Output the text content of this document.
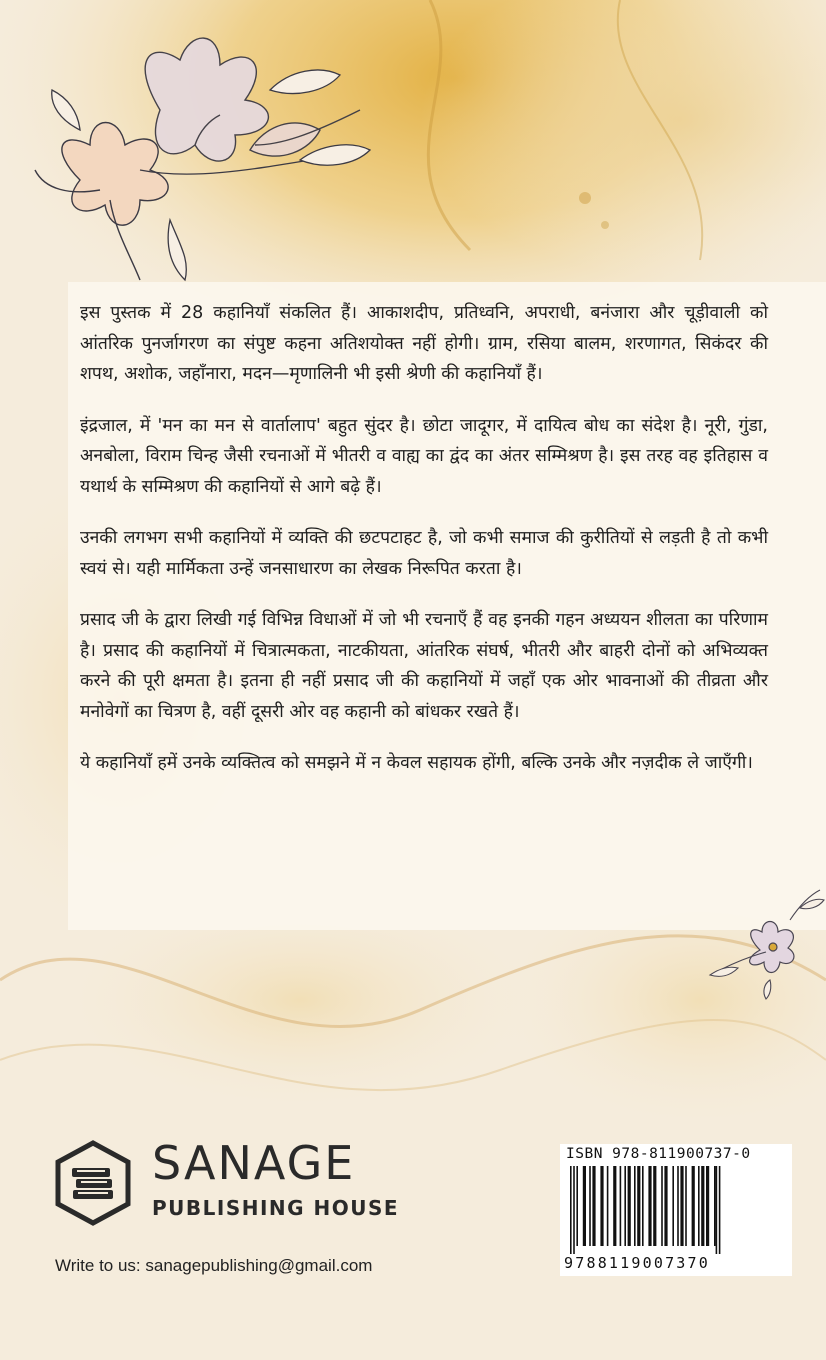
इस पुस्तक में 28 कहानियाँ संकलित हैं। आकाशदीप, प्रतिध्वनि, अपराधी, बनंजारा और चूड़ीवाली को आंतरिक पुनर्जागरण का संपुष्ट कहना अतिशयोक्त नहीं होगी। ग्राम, रसिया बालम, शरणागत, सिकंदर की शपथ, अशोक, जहाँनारा, मदन—मृणालिनी भी इसी श्रेणी की कहानियाँ हैं।

इंद्रजाल, में 'मन का मन से वार्तालाप' बहुत सुंदर है। छोटा जादूगर, में दायित्व बोध का संदेश है। नूरी, गुंडा, अनबोला, विराम चिन्ह जैसी रचनाओं में भीतरी व वाह्य का द्वंद का अंतर सम्मिश्रण है। इस तरह वह इतिहास व यथार्थ के सम्मिश्रण की कहानियों से आगे बढ़े हैं।

उनकी लगभग सभी कहानियों में व्यक्ति की छटपटाहट है, जो कभी समाज की कुरीतियों से लड़ती है तो कभी स्वयं से। यही मार्मिकता उन्हें जनसाधारण का लेखक निरूपित करता है।

प्रसाद जी के द्वारा लिखी गई विभिन्न विधाओं में जो भी रचनाएँ हैं वह इनकी गहन अध्ययन शीलता का परिणाम है। प्रसाद की कहानियों में चित्रात्मकता, नाटकीयता, आंतरिक संघर्ष, भीतरी और बाहरी दोनों को अभिव्यक्त करने की पूरी क्षमता है। इतना ही नहीं प्रसाद जी की कहानियों में जहाँ एक ओर भावनाओं की तीव्रता और मनोवेगों का चित्रण है, वहीं दूसरी ओर वह कहानी को बांधकर रखते हैं।

ये कहानियाँ हमें उनके व्यक्तित्व को समझने में न केवल सहायक होंगी, बल्कि उनके और नज़दीक ले जाएँगी।

SANAGE
PUBLISHING HOUSE
Write to us: sanagepublishing@gmail.com
ISBN 978-811900737-0
9788119007370
